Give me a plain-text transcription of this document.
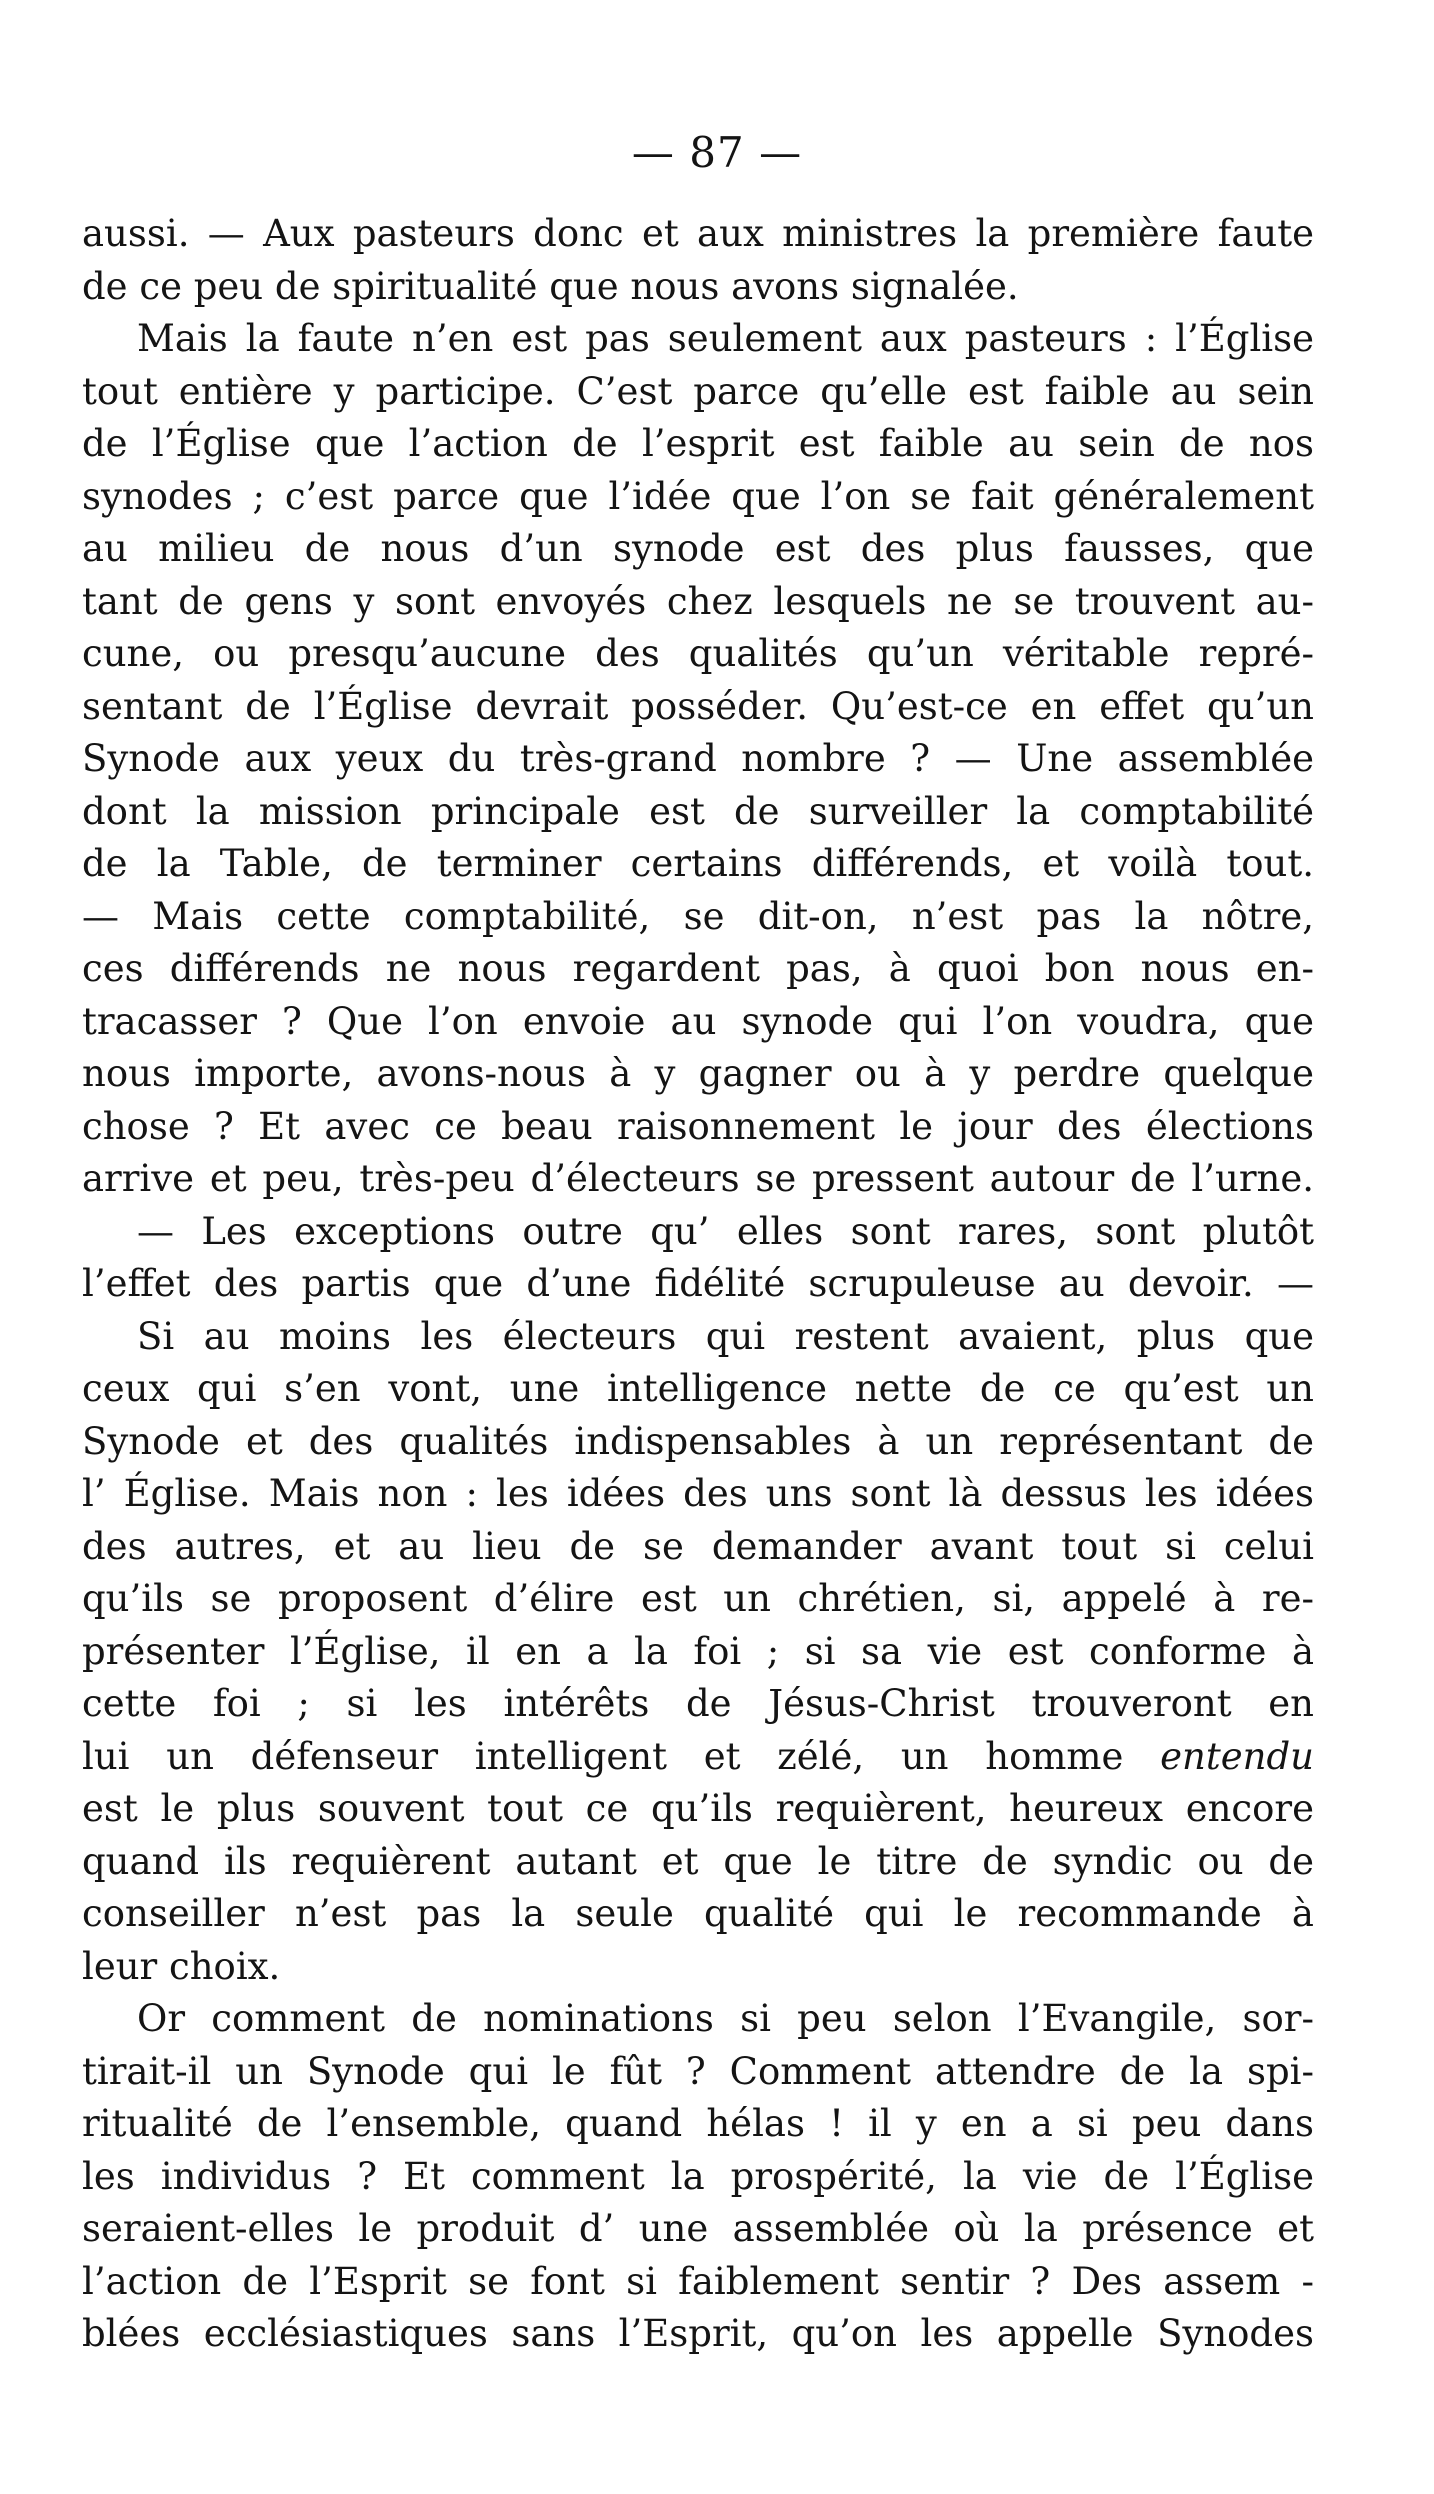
— 87 —
aussi. — Aux pasteurs donc et aux ministres la première faute
de ce peu de spiritualité que nous avons signalée.
Mais la faute n’en est pas seulement aux pasteurs : l’Église
tout entière y participe. C’est parce qu’elle est faible au sein
de l’Église que l’action de l’esprit est faible au sein de nos
synodes ; c’est parce que l’idée que l’on se fait généralement
au milieu de nous d’un synode est des plus fausses, que
tant de gens y sont envoyés chez lesquels ne se trouvent au-
cune, ou presqu’aucune des qualités qu’un véritable repré-
sentant de l’Église devrait posséder. Qu’est-ce en effet qu’un
Synode aux yeux du très-grand nombre ? — Une assemblée
dont la mission principale est de surveiller la comptabilité
de la Table, de terminer certains différends, et voilà tout.
— Mais cette comptabilité, se dit-on, n’est pas la nôtre,
ces différends ne nous regardent pas, à quoi bon nous en-
tracasser ? Que l’on envoie au synode qui l’on voudra, que
nous importe, avons-nous à y gagner ou à y perdre quelque
chose ? Et avec ce beau raisonnement le jour des élections
arrive et peu, très-peu d’électeurs se pressent autour de l’urne.
— Les exceptions outre qu’ elles sont rares, sont plutôt
l’effet des partis que d’une fidélité scrupuleuse au devoir. —
Si au moins les électeurs qui restent avaient, plus que
ceux qui s’en vont, une intelligence nette de ce qu’est un
Synode et des qualités indispensables à un représentant de
l’ Église. Mais non : les idées des uns sont là dessus les idées
des autres, et au lieu de se demander avant tout si celui
qu’ils se proposent d’élire est un chrétien, si, appelé à re-
présenter l’Église, il en a la foi ; si sa vie est conforme à
cette foi ; si les intérêts de Jésus-Christ trouveront en
lui un défenseur intelligent et zélé, un homme entendu
est le plus souvent tout ce qu’ils requièrent, heureux encore
quand ils requièrent autant et que le titre de syndic ou de
conseiller n’est pas la seule qualité qui le recommande à
leur choix.
Or comment de nominations si peu selon l’Evangile, sor-
tirait-il un Synode qui le fût ? Comment attendre de la spi-
ritualité de l’ensemble, quand hélas ! il y en a si peu dans
les individus ? Et comment la prospérité, la vie de l’Église
seraient-elles le produit d’ une assemblée où la présence et
l’action de l’Esprit se font si faiblement sentir ? Des assem -
blées ecclésiastiques sans l’Esprit, qu’on les appelle Synodes
